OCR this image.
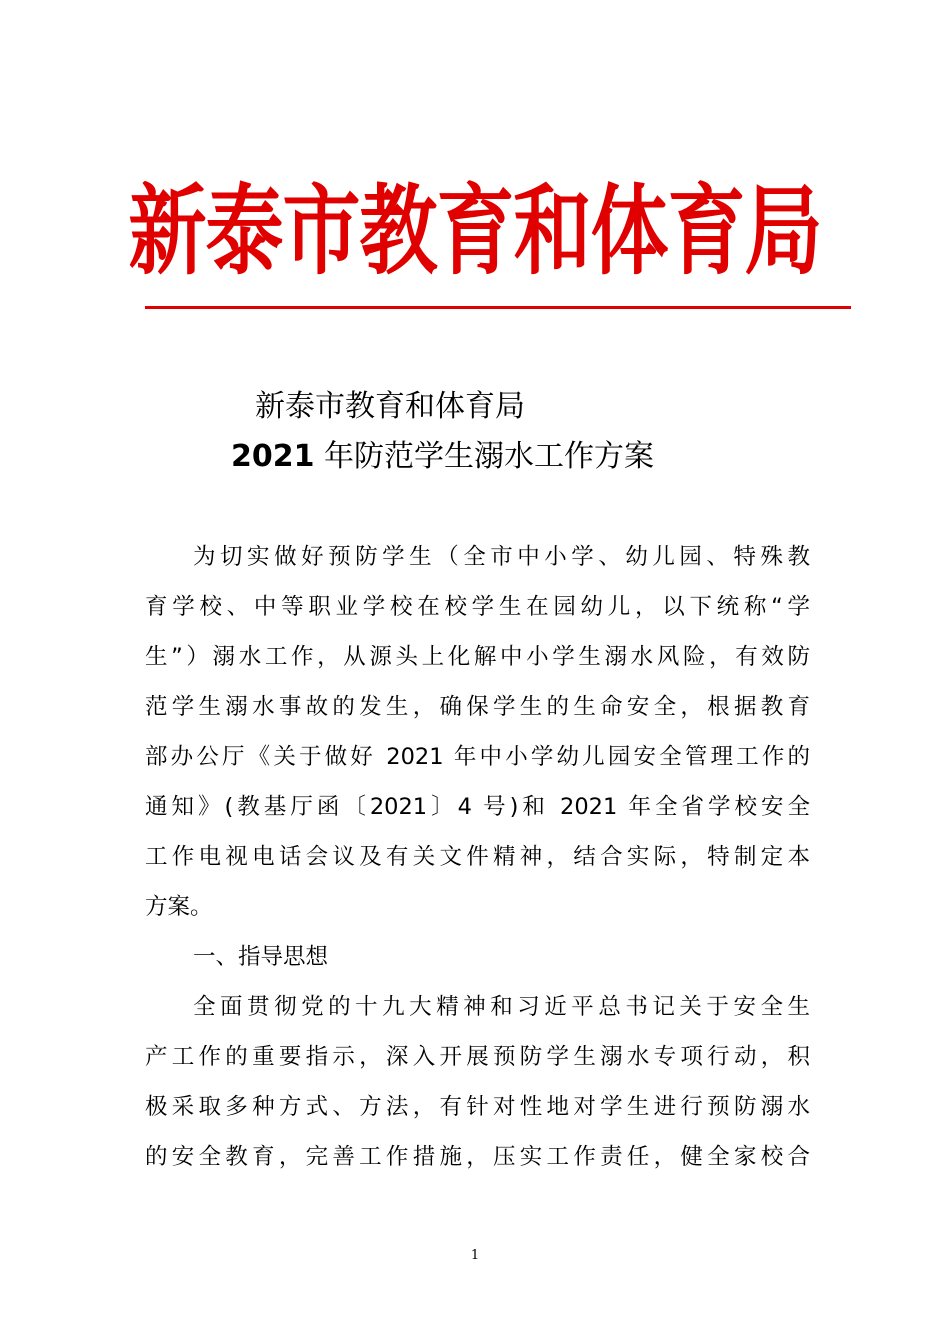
新泰市教育和体育局
新泰市教育和体育局
2021 年防范学生溺水工作方案
为切实做好预防学生（全市中小学、幼儿园、特殊教
育学校、中等职业学校在校学生在园幼儿，以下统称“学
生”）溺水工作，从源头上化解中小学生溺水风险，有效防
范学生溺水事故的发生，确保学生的生命安全，根据教育
部办公厅《关于做好 2021 年中小学幼儿园安全管理工作的
通知》(教基厅函〔2021〕4 号)和 2021 年全省学校安全
工作电视电话会议及有关文件精神，结合实际，特制定本
方案。
一、指导思想
全面贯彻党的十九大精神和习近平总书记关于安全生
产工作的重要指示，深入开展预防学生溺水专项行动，积
极采取多种方式、方法，有针对性地对学生进行预防溺水
的安全教育，完善工作措施，压实工作责任，健全家校合
1
